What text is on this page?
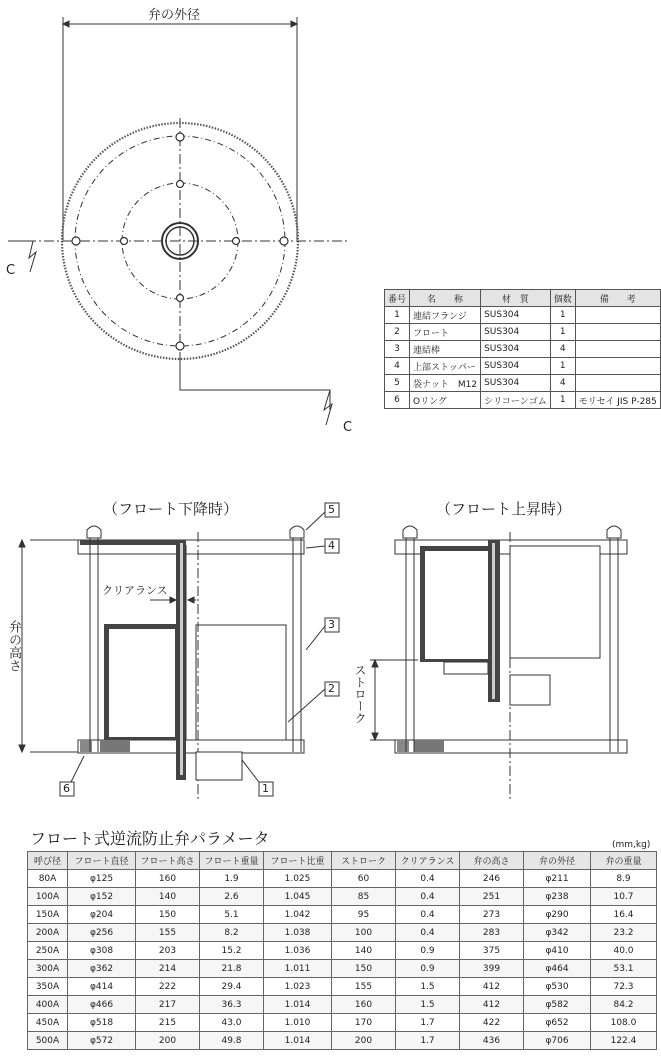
弁の外径
C
C
番号	名　　称	材　質	個数	備　　考
1	連結フランジ	SUS304	1	
2	フロート	SUS304	1	
3	連結棒	SUS304	4	
4	上部ストッパー	SUS304	1	
5	袋ナット　M12	SUS304	4	
6	Oリング	シリコーンゴム	1	モリセイ JIS P-285
（フロート下降時）	（フロート上昇時）
クリアランス
弁の高さ
ストローク
5
4
3
2
1
6
フロート式逆流防止弁パラメータ	(mm,kg)
呼び径	フロート直径	フロート高さ	フロート重量	フロート比重	ストローク	クリアランス	弁の高さ	弁の外径	弁の重量
80A	φ125	160	1.9	1.025	60	0.4	246	φ211	8.9
100A	φ152	140	2.6	1.045	85	0.4	251	φ238	10.7
150A	φ204	150	5.1	1.042	95	0.4	273	φ290	16.4
200A	φ256	155	8.2	1.038	100	0.4	283	φ342	23.2
250A	φ308	203	15.2	1.036	140	0.9	375	φ410	40.0
300A	φ362	214	21.8	1.011	150	0.9	399	φ464	53.1
350A	φ414	222	29.4	1.023	155	1.5	412	φ530	72.3
400A	φ466	217	36.3	1.014	160	1.5	412	φ582	84.2
450A	φ518	215	43.0	1.010	170	1.7	422	φ652	108.0
500A	φ572	200	49.8	1.014	200	1.7	436	φ706	122.4
